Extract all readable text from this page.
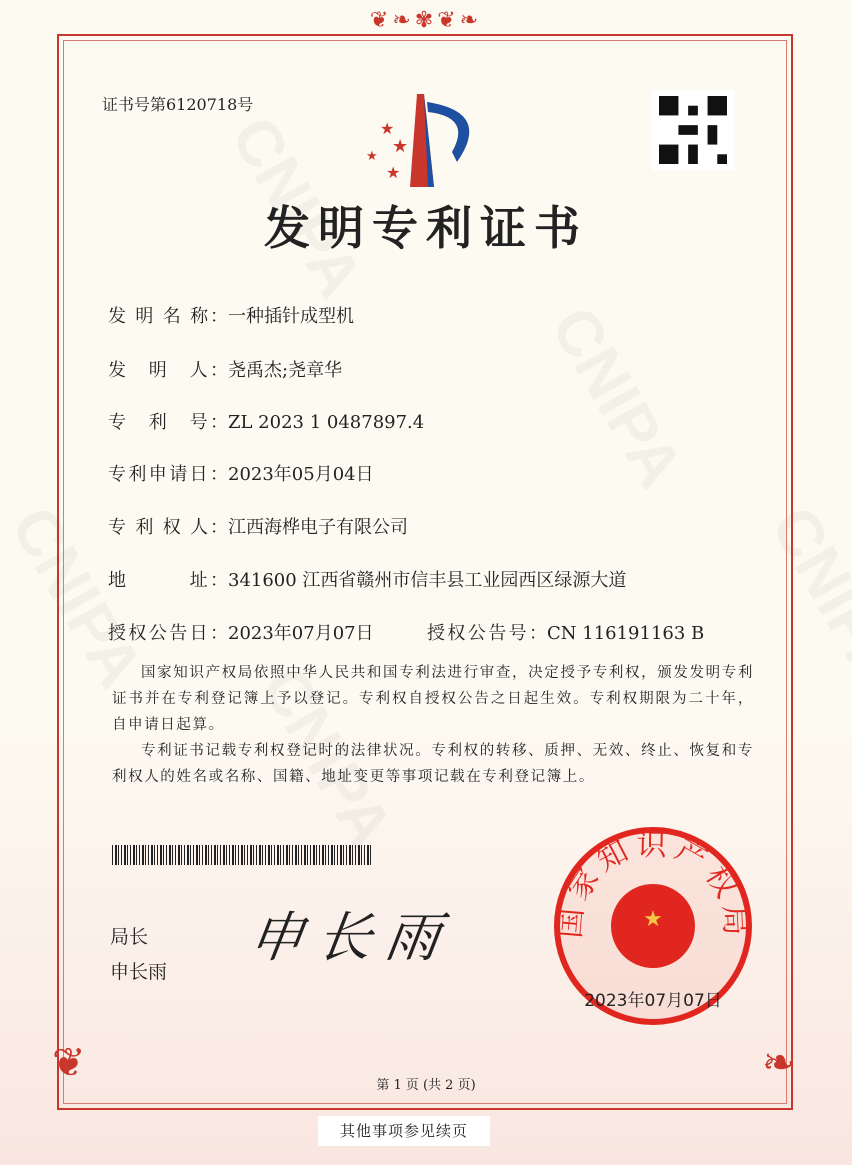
❦❧✾❦❧
❦	❧
证书号第6120718号
★
★
★
★
发明专利证书
发 明 名 称：一种插针成型机
发　明　人：尧禹杰;尧章华
专　利　号：ZL 2023 1 0487897.4
专利申请日：2023年05月04日
专 利 权 人：江西海桦电子有限公司
地　　　址：341600 江西省赣州市信丰县工业园西区绿源大道
授权公告日：2023年07月07日	授权公告号：CN 116191163 B
国家知识产权局依照中华人民共和国专利法进行审查，决定授予专利权，颁发发明专利证书并在专利登记簿上予以登记。专利权自授权公告之日起生效。专利权期限为二十年，自申请日起算。
专利证书记载专利权登记时的法律状况。专利权的转移、质押、无效、终止、恢复和专利权人的姓名或名称、国籍、地址变更等事项记载在专利登记簿上。
局长
申长雨
申长雨	国家知识产权局
★
2023年07月07日
第 1 页 (共 2 页)
其他事项参见续页
